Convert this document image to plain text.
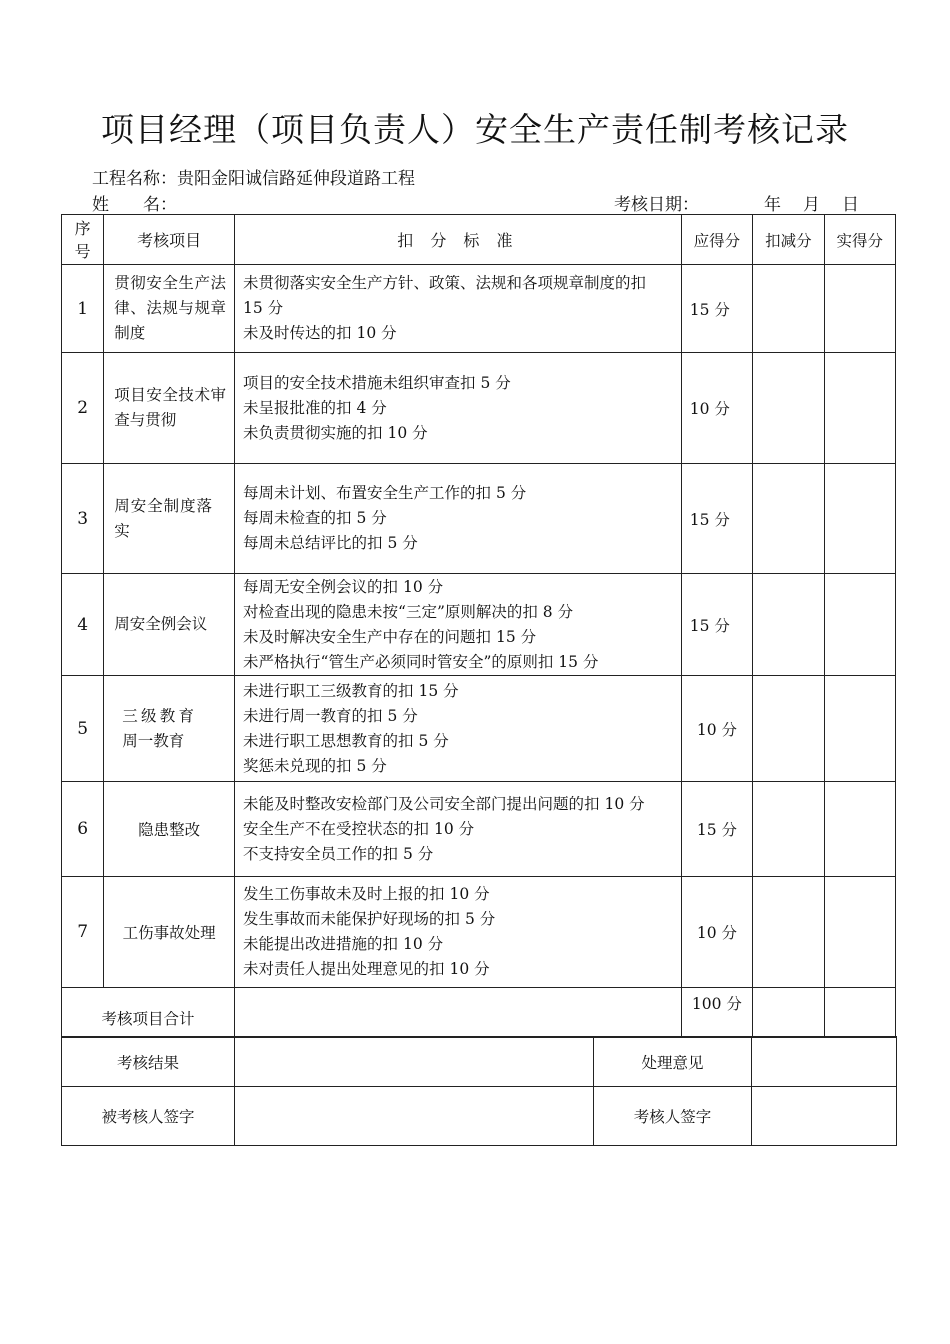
项目经理（项目负责人）安全生产责任制考核记录
工程名称：贵阳金阳诚信路延伸段道路工程
姓　　名：	考核日期：	年 月 日
序号	考核项目	扣 分 标 准	应得分	扣减分	实得分
1	贯彻安全生产法律、法规与规章制度	未贯彻落实安全生产方针、政策、法规和各项规章制度的扣
15 分
未及时传达的扣 10 分	15 分		
2	项目安全技术审查与贯彻	项目的安全技术措施未组织审查扣 5 分
未呈报批准的扣 4 分
未负责贯彻实施的扣 10 分	10 分		
3	周安全制度落实	每周未计划、布置安全生产工作的扣 5 分
每周未检查的扣 5 分
每周未总结评比的扣 5 分	15 分		
4	周安全例会议	每周无安全例会议的扣 10 分
对检查出现的隐患未按“三定”原则解决的扣 8 分
未及时解决安全生产中存在的问题扣 15 分
未严格执行“管生产必须同时管安全”的原则扣 15 分	15 分		
5	三级教育周一教育	未进行职工三级教育的扣 15 分
未进行周一教育的扣 5 分
未进行职工思想教育的扣 5 分
奖惩未兑现的扣 5 分	10 分		
6	隐患整改	未能及时整改安检部门及公司安全部门提出问题的扣 10 分
安全生产不在受控状态的扣 10 分
不支持安全员工作的扣 5 分	15 分		
7	工伤事故处理	发生工伤事故未及时上报的扣 10 分
发生事故而未能保护好现场的扣 5 分
未能提出改进措施的扣 10 分
未对责任人提出处理意见的扣 10 分	10 分		
考核项目合计			100 分		
考核结果		处理意见	
被考核人签字		考核人签字	
